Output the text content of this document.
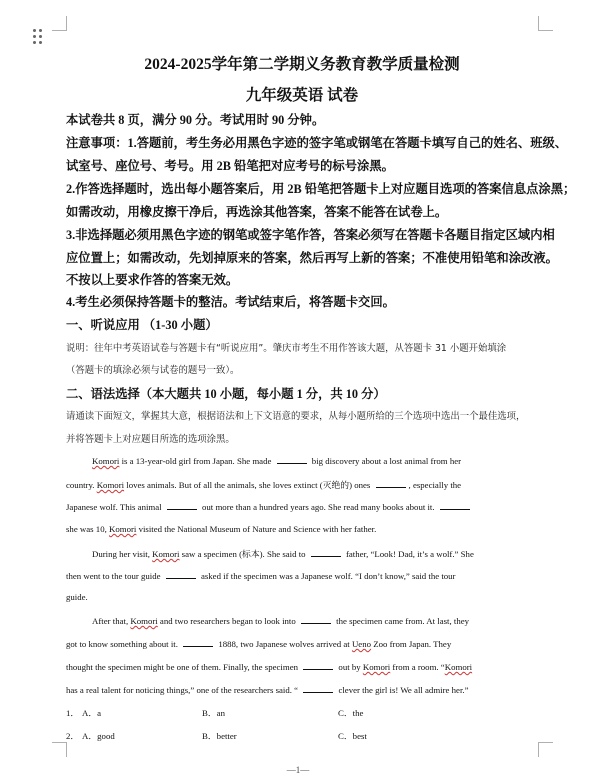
2024-2025学年第二学期义务教育教学质量检测
九年级英语 试卷
本试卷共 8 页，满分 90 分。考试用时 90 分钟。
注意事项：1.答题前，考生务必用黑色字迹的签字笔或钢笔在答题卡填写自己的姓名、班级、
试室号、座位号、考号。用 2B 铅笔把对应考号的标号涂黑。
2.作答选择题时，选出每小题答案后，用 2B 铅笔把答题卡上对应题目选项的答案信息点涂黑；
如需改动，用橡皮擦干净后，再选涂其他答案，答案不能答在试卷上。
3.非选择题必须用黑色字迹的钢笔或签字笔作答，答案必须写在答题卡各题目指定区域内相
应位置上；如需改动，先划掉原来的答案，然后再写上新的答案；不准使用铅笔和涂改液。
不按以上要求作答的答案无效。
4.考生必须保持答题卡的整洁。考试结束后，将答题卡交回。
一、听说应用 （1-30 小题）
说明：往年中考英语试卷与答题卡有“听说应用”。肇庆市考生不用作答该大题，从答题卡 31 小题开始填涂
（答题卡的填涂必须与试卷的题号一致）。
二、语法选择（本大题共 10 小题，每小题 1 分，共 10 分）
请通读下面短文，掌握其大意，根据语法和上下文语意的要求，从每小题所给的三个选项中选出一个最佳选项，
并将答题卡上对应题目所选的选项涂黑。
Komori is a 13-year-old girl from Japan. She made	big discovery about a lost animal from her
country. Komori loves animals. But of all the animals, she loves extinct (灭绝的) ones	, especially the
Japanese wolf. This animal	out more than a hundred years ago. She read many books about it.
she was 10, Komori visited the National Museum of Nature and Science with her father.
During her visit, Komori saw a specimen (标本). She said to	father, “Look! Dad, it’s a wolf.” She
then went to the tour guide	asked if the specimen was a Japanese wolf. “I don’t know,” said the tour
guide.
After that, Komori and two researchers began to look into	the specimen came from. At last, they
got to know something about it.	1888, two Japanese wolves arrived at Ueno Zoo from Japan. They
thought the specimen might be one of them. Finally, the specimen	out by Komori from a room. “Komori
has a real talent for noticing things,” one of the researchers said. “	clever the girl is! We all admire her.”
1． A．a	B．an	C．the
2． A．good	B．better	C．best
—1—
